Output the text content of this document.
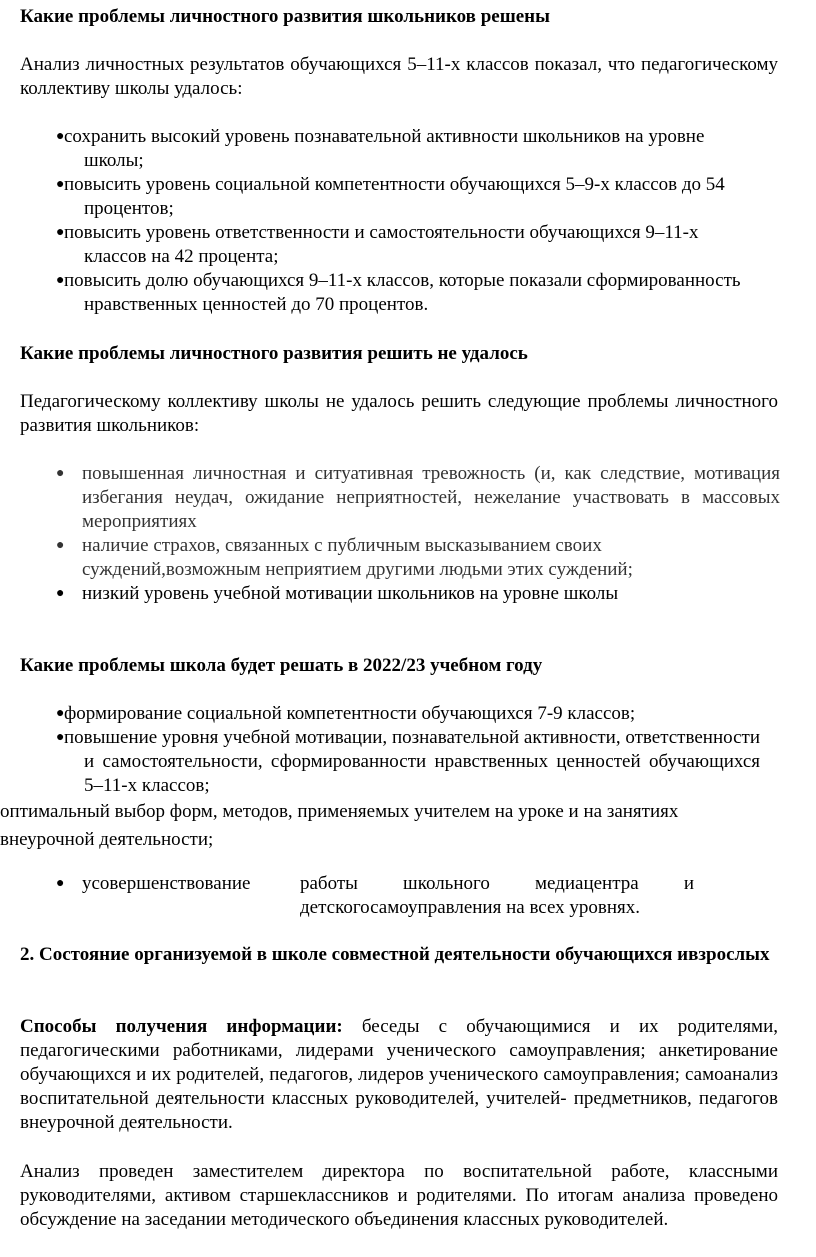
Какие проблемы личностного развития школьников решены

Анализ личностных результатов обучающихся 5–11-х классов показал, что педагогическому коллективу школы удалось:

● сохранить высокий уровень познавательной активности школьников на уровне школы;
● повысить уровень социальной компетентности обучающихся 5–9-х классов до 54 процентов;
● повысить уровень ответственности и самостоятельности обучающихся 9–11-х классов на 42 процента;
● повысить долю обучающихся 9–11-х классов, которые показали сформированность нравственных ценностей до 70 процентов.

Какие проблемы личностного развития решить не удалось

Педагогическому коллективу школы не удалось решить следующие проблемы личностного развития школьников:

● повышенная личностная и ситуативная тревожность (и, как следствие, мотивация избегания неудач, ожидание неприятностей, нежелание участвовать в массовых мероприятиях
● наличие страхов, связанных с публичным высказыванием своих суждений,возможным неприятием другими людьми этих суждений;
● низкий уровень учебной мотивации школьников на уровне школы

Какие проблемы школа будет решать в 2022/23 учебном году

● формирование социальной компетентности обучающихся 7-9 классов;
● повышение уровня учебной мотивации, познавательной активности, ответственности и самостоятельности, сформированности нравственных ценностей обучающихся 5–11-х классов;

оптимальный выбор форм, методов, применяемых учителем на уроке и на занятиях внеурочной деятельности;

● усовершенствование	работы школьного медиацентра и
детскогосамоуправления на всех уровнях.

2. Состояние организуемой в школе совместной деятельности обучающихся ивзрослых

Способы получения информации: беседы с обучающимися и их родителями, педагогическими работниками, лидерами ученического самоуправления; анкетирование обучающихся и их родителей, педагогов, лидеров ученического самоуправления; самоанализ воспитательной деятельности классных руководителей, учителей- предметников, педагогов внеурочной деятельности.

Анализ проведен заместителем директора по воспитательной работе, классными руководителями, активом старшеклассников и родителями. По итогам анализа проведено обсуждение на заседании методического объединения классных руководителей.
